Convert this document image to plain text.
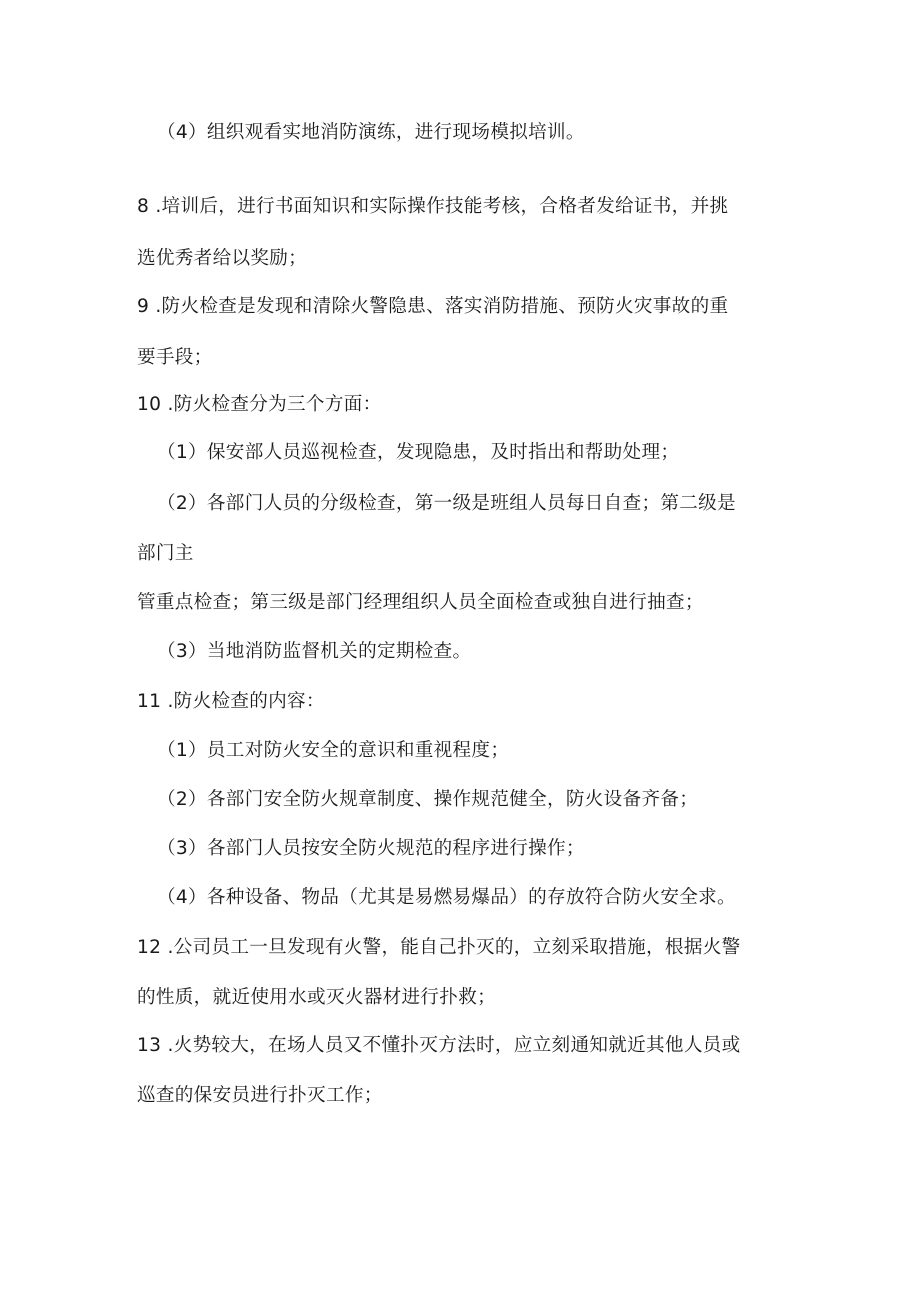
（4）组织观看实地消防演练，进行现场模拟培训。
8 .培训后，进行书面知识和实际操作技能考核，合格者发给证书，并挑
选优秀者给以奖励；
9 .防火检查是发现和清除火警隐患、落实消防措施、预防火灾事故的重
要手段；
10 .防火检查分为三个方面：
（1）保安部人员巡视检查，发现隐患，及时指出和帮助处理；
（2）各部门人员的分级检查，第一级是班组人员每日自查；第二级是
部门主
管重点检查；第三级是部门经理组织人员全面检查或独自进行抽查；
（3）当地消防监督机关的定期检查。
11 .防火检查的内容：
（1）员工对防火安全的意识和重视程度；
（2）各部门安全防火规章制度、操作规范健全，防火设备齐备；
（3）各部门人员按安全防火规范的程序进行操作；
（4）各种设备、物品（尤其是易燃易爆品）的存放符合防火安全求。
12 .公司员工一旦发现有火警，能自己扑灭的，立刻采取措施，根据火警
的性质，就近使用水或灭火器材进行扑救；
13 .火势较大，在场人员又不懂扑灭方法时，应立刻通知就近其他人员或
巡查的保安员进行扑灭工作；
